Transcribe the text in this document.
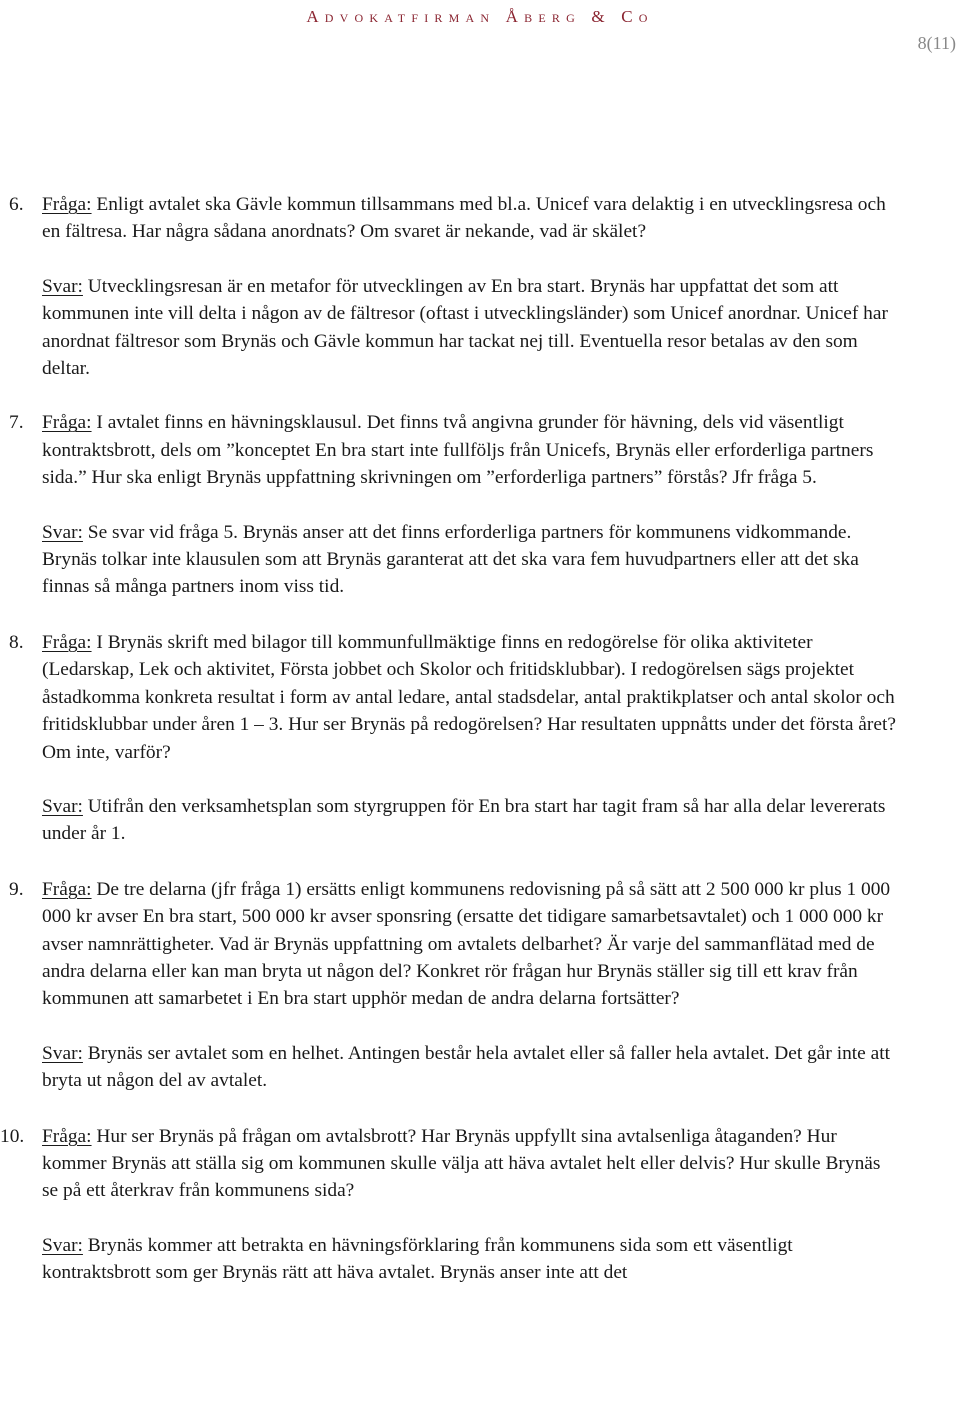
Advokatfirman Åberg & Co
8(11)
6. Fråga: Enligt avtalet ska Gävle kommun tillsammans med bl.a. Unicef vara delaktig i en utvecklingsresa och en fältresa. Har några sådana anordnats? Om svaret är nekande, vad är skälet?

Svar: Utvecklingsresan är en metafor för utvecklingen av En bra start. Brynäs har uppfattat det som att kommunen inte vill delta i någon av de fältresor (oftast i utvecklingsländer) som Unicef anordnar. Unicef har anordnat fältresor som Brynäs och Gävle kommun har tackat nej till. Eventuella resor betalas av den som deltar.

7. Fråga: I avtalet finns en hävningsklausul. Det finns två angivna grunder för hävning, dels vid väsentligt kontraktsbrott, dels om ”konceptet En bra start inte fullföljs från Unicefs, Brynäs eller erforderliga partners sida.” Hur ska enligt Brynäs uppfattning skrivningen om ”erforderliga partners” förstås? Jfr fråga 5.

Svar: Se svar vid fråga 5. Brynäs anser att det finns erforderliga partners för kommunens vidkommande. Brynäs tolkar inte klausulen som att Brynäs garanterat att det ska vara fem huvudpartners eller att det ska finnas så många partners inom viss tid.

8. Fråga: I Brynäs skrift med bilagor till kommunfullmäktige finns en redogörelse för olika aktiviteter (Ledarskap, Lek och aktivitet, Första jobbet och Skolor och fritidsklubbar). I redogörelsen sägs projektet åstadkomma konkreta resultat i form av antal ledare, antal stadsdelar, antal praktikplatser och antal skolor och fritidsklubbar under åren 1 – 3. Hur ser Brynäs på redogörelsen? Har resultaten uppnåtts under det första året? Om inte, varför?

Svar: Utifrån den verksamhetsplan som styrgruppen för En bra start har tagit fram så har alla delar levererats under år 1.

9. Fråga: De tre delarna (jfr fråga 1) ersätts enligt kommunens redovisning på så sätt att 2 500 000 kr plus 1 000 000 kr avser En bra start, 500 000 kr avser sponsring (ersatte det tidigare samarbetsavtalet) och 1 000 000 kr avser namnrättigheter. Vad är Brynäs uppfattning om avtalets delbarhet? Är varje del sammanflätad med de andra delarna eller kan man bryta ut någon del? Konkret rör frågan hur Brynäs ställer sig till ett krav från kommunen att samarbetet i En bra start upphör medan de andra delarna fortsätter?

Svar: Brynäs ser avtalet som en helhet. Antingen består hela avtalet eller så faller hela avtalet. Det går inte att bryta ut någon del av avtalet.

10. Fråga: Hur ser Brynäs på frågan om avtalsbrott? Har Brynäs uppfyllt sina avtalsenliga åtaganden? Hur kommer Brynäs att ställa sig om kommunen skulle välja att häva avtalet helt eller delvis? Hur skulle Brynäs se på ett återkrav från kommunens sida?

Svar: Brynäs kommer att betrakta en hävningsförklaring från kommunens sida som ett väsentligt kontraktsbrott som ger Brynäs rätt att häva avtalet. Brynäs anser inte att det
